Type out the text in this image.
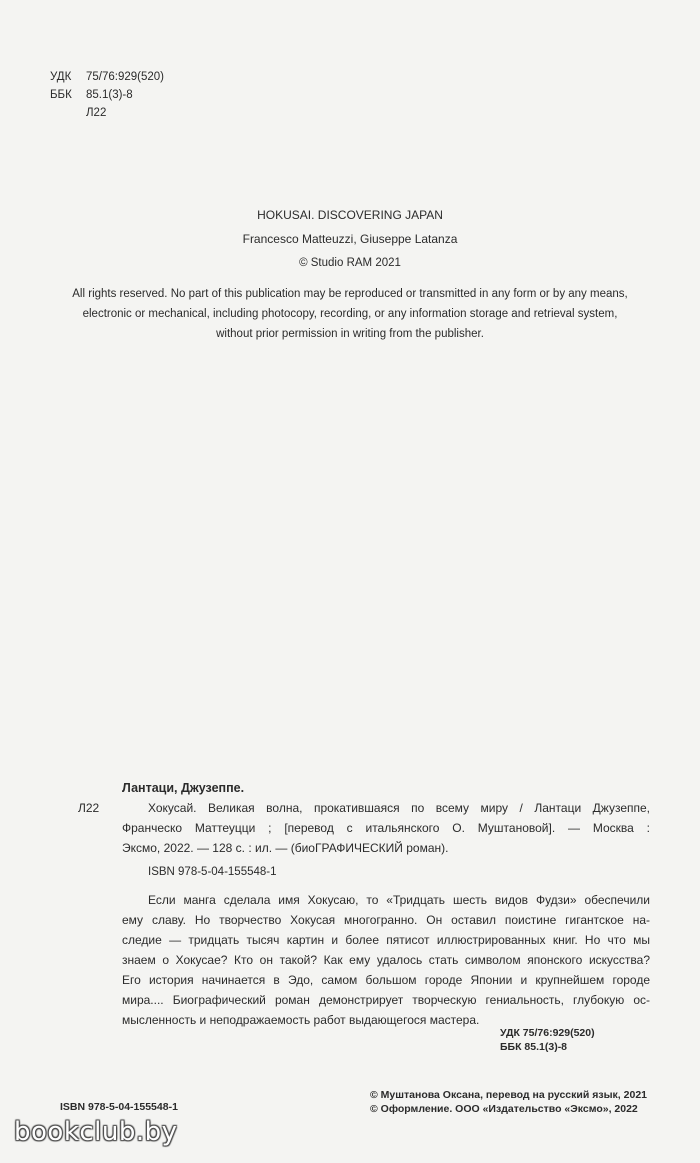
УДК 75/76:929(520)
ББК 85.1(3)-8
Л22
HOKUSAI. DISCOVERING JAPAN
Francesco Matteuzzi, Giuseppe Latanza
© Studio RAM 2021
All rights reserved. No part of this publication may be reproduced or transmitted in any form or by any means,
electronic or mechanical, including photocopy, recording, or any information storage and retrieval system,
without prior permission in writing from the publisher.
Лантаци, Джузеппе.
Л22	Хокусай. Великая волна, прокатившаяся по всему миру / Лантаци Джузеппе,
Франческо Маттеуцци ; [перевод с итальянского О. Муштановой]. — Москва :
Эксмо, 2022. — 128 с. : ил. — (биоГРАФИЧЕСКИЙ роман).
ISBN 978-5-04-155548-1
Если манга сделала имя Хокусаю, то «Тридцать шесть видов Фудзи» обеспечили
ему славу. Но творчество Хокусая многогранно. Он оставил поистине гигантское на-
следие — тридцать тысяч картин и более пятисот иллюстрированных книг. Но что мы
знаем о Хокусае? Кто он такой? Как ему удалось стать символом японского искусства?
Его история начинается в Эдо, самом большом городе Японии и крупнейшем городе
мира.... Биографический роман демонстрирует творческую гениальность, глубокую ос-
мысленность и неподражаемость работ выдающегося мастера.
УДК 75/76:929(520)
ББК 85.1(3)-8
ISBN 978-5-04-155548-1
© Муштанова Оксана, перевод на русский язык, 2021
© Оформление. ООО «Издательство «Эксмо», 2022
bookclub.by
